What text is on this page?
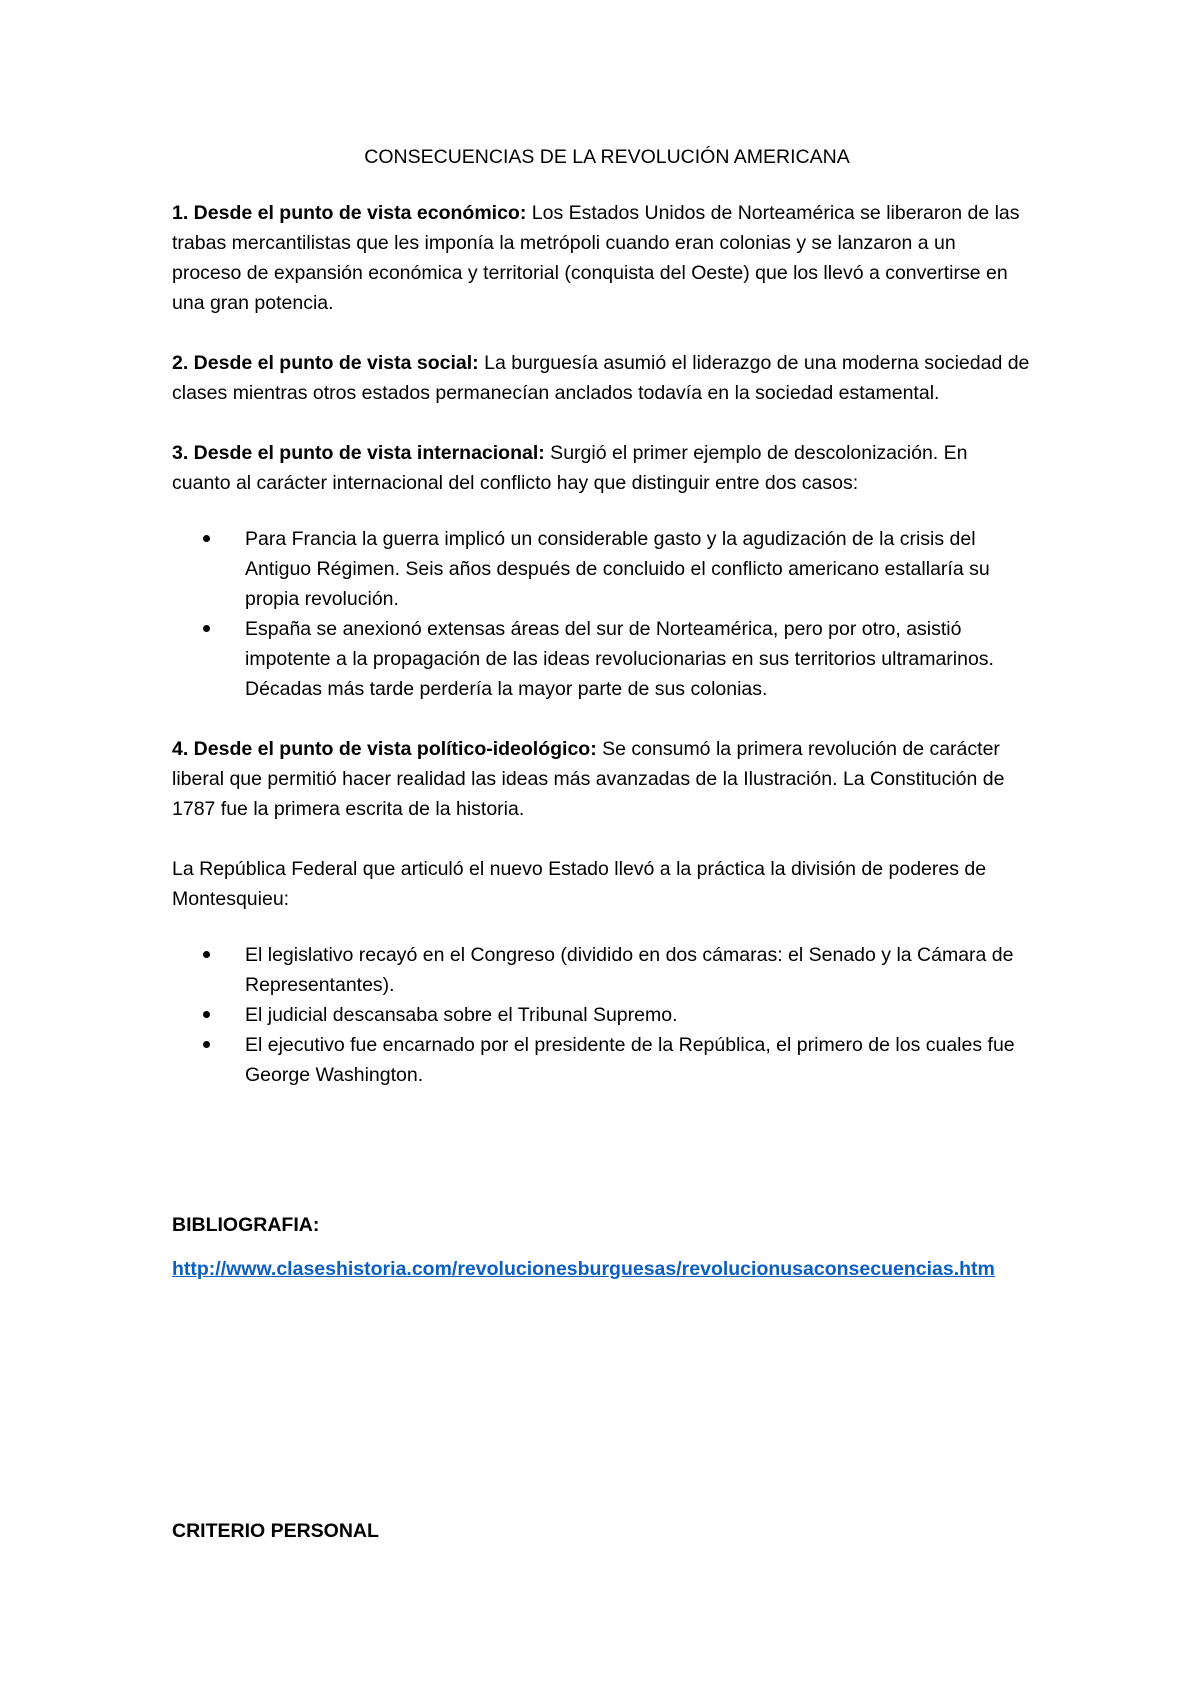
CONSECUENCIAS DE LA REVOLUCIÓN AMERICANA

1. Desde el punto de vista económico: Los Estados Unidos de Norteamérica se liberaron de las trabas mercantilistas que les imponía la metrópoli cuando eran colonias y se lanzaron a un proceso de expansión económica y territorial (conquista del Oeste) que los llevó a convertirse en una gran potencia.

2. Desde el punto de vista social: La burguesía asumió el liderazgo de una moderna sociedad de clases mientras otros estados permanecían anclados todavía en la sociedad estamental.

3. Desde el punto de vista internacional: Surgió el primer ejemplo de descolonización. En cuanto al carácter internacional del conflicto hay que distinguir entre dos casos:

Para Francia la guerra implicó un considerable gasto y la agudización de la crisis del Antiguo Régimen. Seis años después de concluido el conflicto americano estallaría su propia revolución.
España se anexionó extensas áreas del sur de Norteamérica, pero por otro, asistió impotente a la propagación de las ideas revolucionarias en sus territorios ultramarinos. Décadas más tarde perdería la mayor parte de sus colonias.

4. Desde el punto de vista político-ideológico: Se consumó la primera revolución de carácter liberal que permitió hacer realidad las ideas más avanzadas de la Ilustración. La Constitución de 1787 fue la primera escrita de la historia.

La República Federal que articuló el nuevo Estado llevó a la práctica la división de poderes de Montesquieu:

El legislativo recayó en el Congreso (dividido en dos cámaras: el Senado y la Cámara de Representantes).
El judicial descansaba sobre el Tribunal Supremo.
El ejecutivo fue encarnado por el presidente de la República, el primero de los cuales fue George Washington.
BIBLIOGRAFIA:
http://www.claseshistoria.com/revolucionesburguesas/revolucionusaconsecuencias.htm
CRITERIO PERSONAL
